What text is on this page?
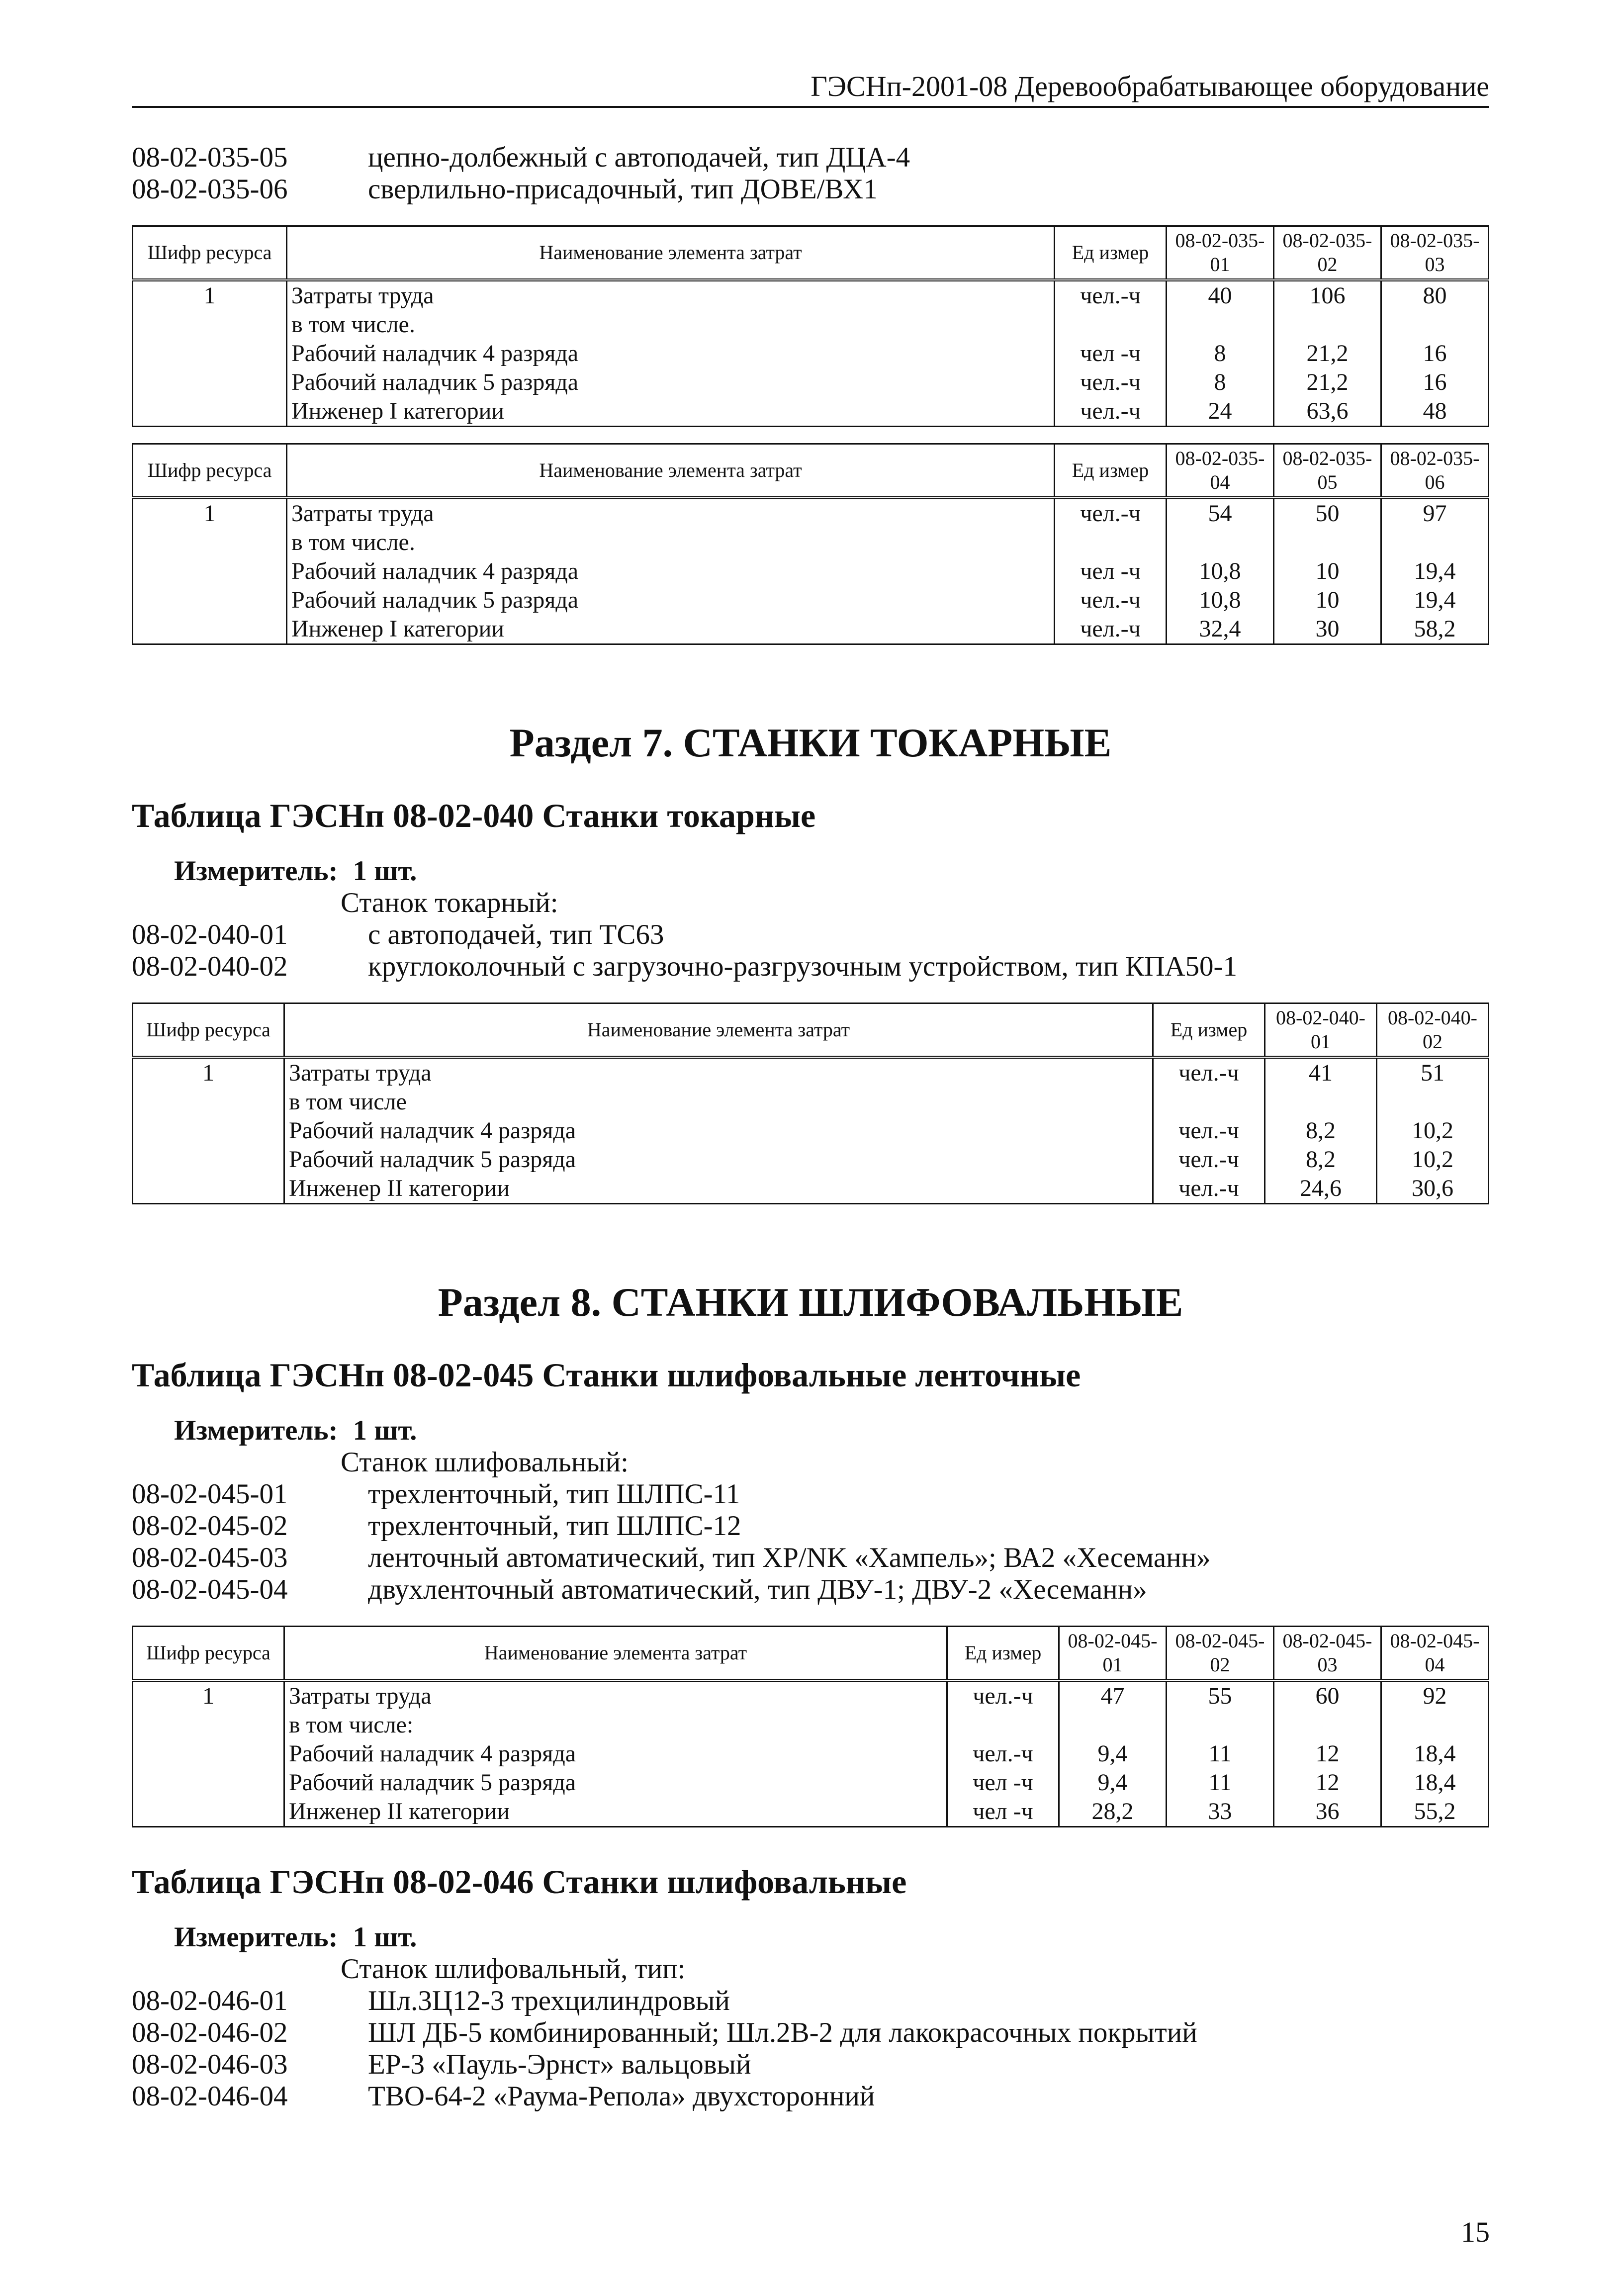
ГЭСНп-2001-08 Деревообрабатывающее оборудование
08-02-035-05	цепно-долбежный с автоподачей, тип ДЦА-4
08-02-035-06	сверлильно-присадочный, тип ДОВЕ/ВХ1
Шифр ресурса	Наименование элемента затрат	Ед измер	08-02-035-01	08-02-035-02	08-02-035-03
1	Затраты труда	чел.-ч	40	106	80
	в том числе.				
	Рабочий наладчик 4 разряда	чел -ч	8	21,2	16
	Рабочий наладчик 5 разряда	чел.-ч	8	21,2	16
	Инженер I категории	чел.-ч	24	63,6	48
Шифр ресурса	Наименование элемента затрат	Ед измер	08-02-035-04	08-02-035-05	08-02-035-06
1	Затраты труда	чел.-ч	54	50	97
	в том числе.				
	Рабочий наладчик 4 разряда	чел -ч	10,8	10	19,4
	Рабочий наладчик 5 разряда	чел.-ч	10,8	10	19,4
	Инженер I категории	чел.-ч	32,4	30	58,2
Раздел 7. СТАНКИ ТОКАРНЫЕ
Таблица ГЭСНп 08-02-040 Станки токарные
Измеритель: 1 шт.
Станок токарный:
08-02-040-01	с автоподачей, тип ТС63
08-02-040-02	круглоколочный с загрузочно-разгрузочным устройством, тип КПА50-1
Шифр ресурса	Наименование элемента затрат	Ед измер	08-02-040-01	08-02-040-02
1	Затраты труда	чел.-ч	41	51
	в том числе			
	Рабочий наладчик 4 разряда	чел.-ч	8,2	10,2
	Рабочий наладчик 5 разряда	чел.-ч	8,2	10,2
	Инженер II категории	чел.-ч	24,6	30,6
Раздел 8. СТАНКИ ШЛИФОВАЛЬНЫЕ
Таблица ГЭСНп 08-02-045 Станки шлифовальные ленточные
Измеритель: 1 шт.
Станок шлифовальный:
08-02-045-01	трехленточный, тип ШЛПС-11
08-02-045-02	трехленточный, тип ШЛПС-12
08-02-045-03	ленточный автоматический, тип XP/NK «Хампель»; ВА2 «Хесеманн»
08-02-045-04	двухленточный автоматический, тип ДВУ-1; ДВУ-2 «Хесеманн»
Шифр ресурса	Наименование элемента затрат	Ед измер	08-02-045-01	08-02-045-02	08-02-045-03	08-02-045-04
1	Затраты труда	чел.-ч	47	55	60	92
	в том числе:					
	Рабочий наладчик 4 разряда	чел.-ч	9,4	11	12	18,4
	Рабочий наладчик 5 разряда	чел -ч	9,4	11	12	18,4
	Инженер II категории	чел -ч	28,2	33	36	55,2
Таблица ГЭСНп 08-02-046 Станки шлифовальные
Измеритель: 1 шт.
Станок шлифовальный, тип:
08-02-046-01	Шл.3Ц12-3 трехцилиндровый
08-02-046-02	ШЛ ДБ-5 комбинированный; Шл.2В-2 для лакокрасочных покрытий
08-02-046-03	ЕР-3 «Пауль-Эрнст» вальцовый
08-02-046-04	ТВО-64-2 «Раума-Репола» двухсторонний
15
